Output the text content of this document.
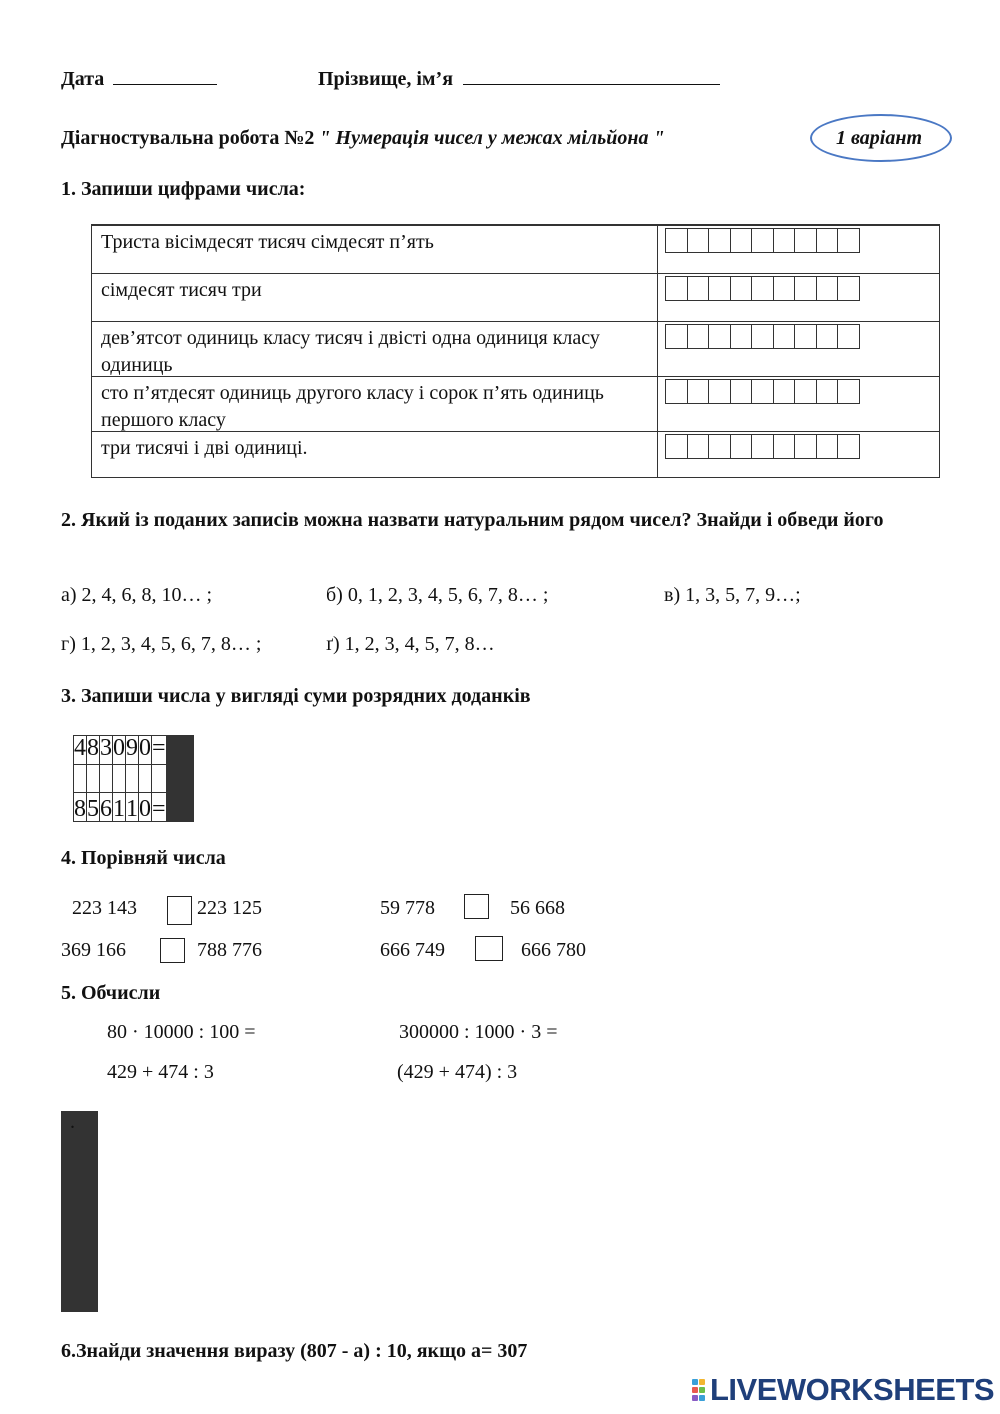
Дата	Прізвище, ім’я
Діагностувальна робота №2 " Нумерація чисел у межах мільйона "	1 варіант
1. Запиши цифрами числа:
Триста вісімдесят тисяч сімдесят п’ять
сімдесят тисяч три
дев’ятсот одиниць класу тисяч і двісті одна одиниця класу одиниць
сто п’ятдесят одиниць другого класу і сорок п’ять одиниць першого класу
три тисячі і дві одиниці.
2. Який із поданих записів можна назвати натуральним рядом чисел? Знайди і обведи його
а) 2, 4, 6, 8, 10… ;	б) 0, 1, 2, 3, 4, 5, 6, 7, 8… ;	в) 1, 3, 5, 7, 9…;
г) 1, 2, 3, 4, 5, 6, 7, 8… ;	ґ) 1, 2, 3, 4, 5, 7, 8…
3. Запиши числа у вигляді суми розрядних доданків
4	8	3	0	9	0	=																											

8	5	6	1	1	0	=																											
4. Порівняй числа
223 143	223 125	59 778	56 668
369 166	788 776	666 749	666 780
5. Обчисли
80 · 10000 : 100 =	300000 : 1000 · 3 =
429 + 474 : 3	(429 + 474) : 3

.
6.Знайди значення виразу (807 - а) : 10, якщо а= 307
LIVEWORKSHEETS
